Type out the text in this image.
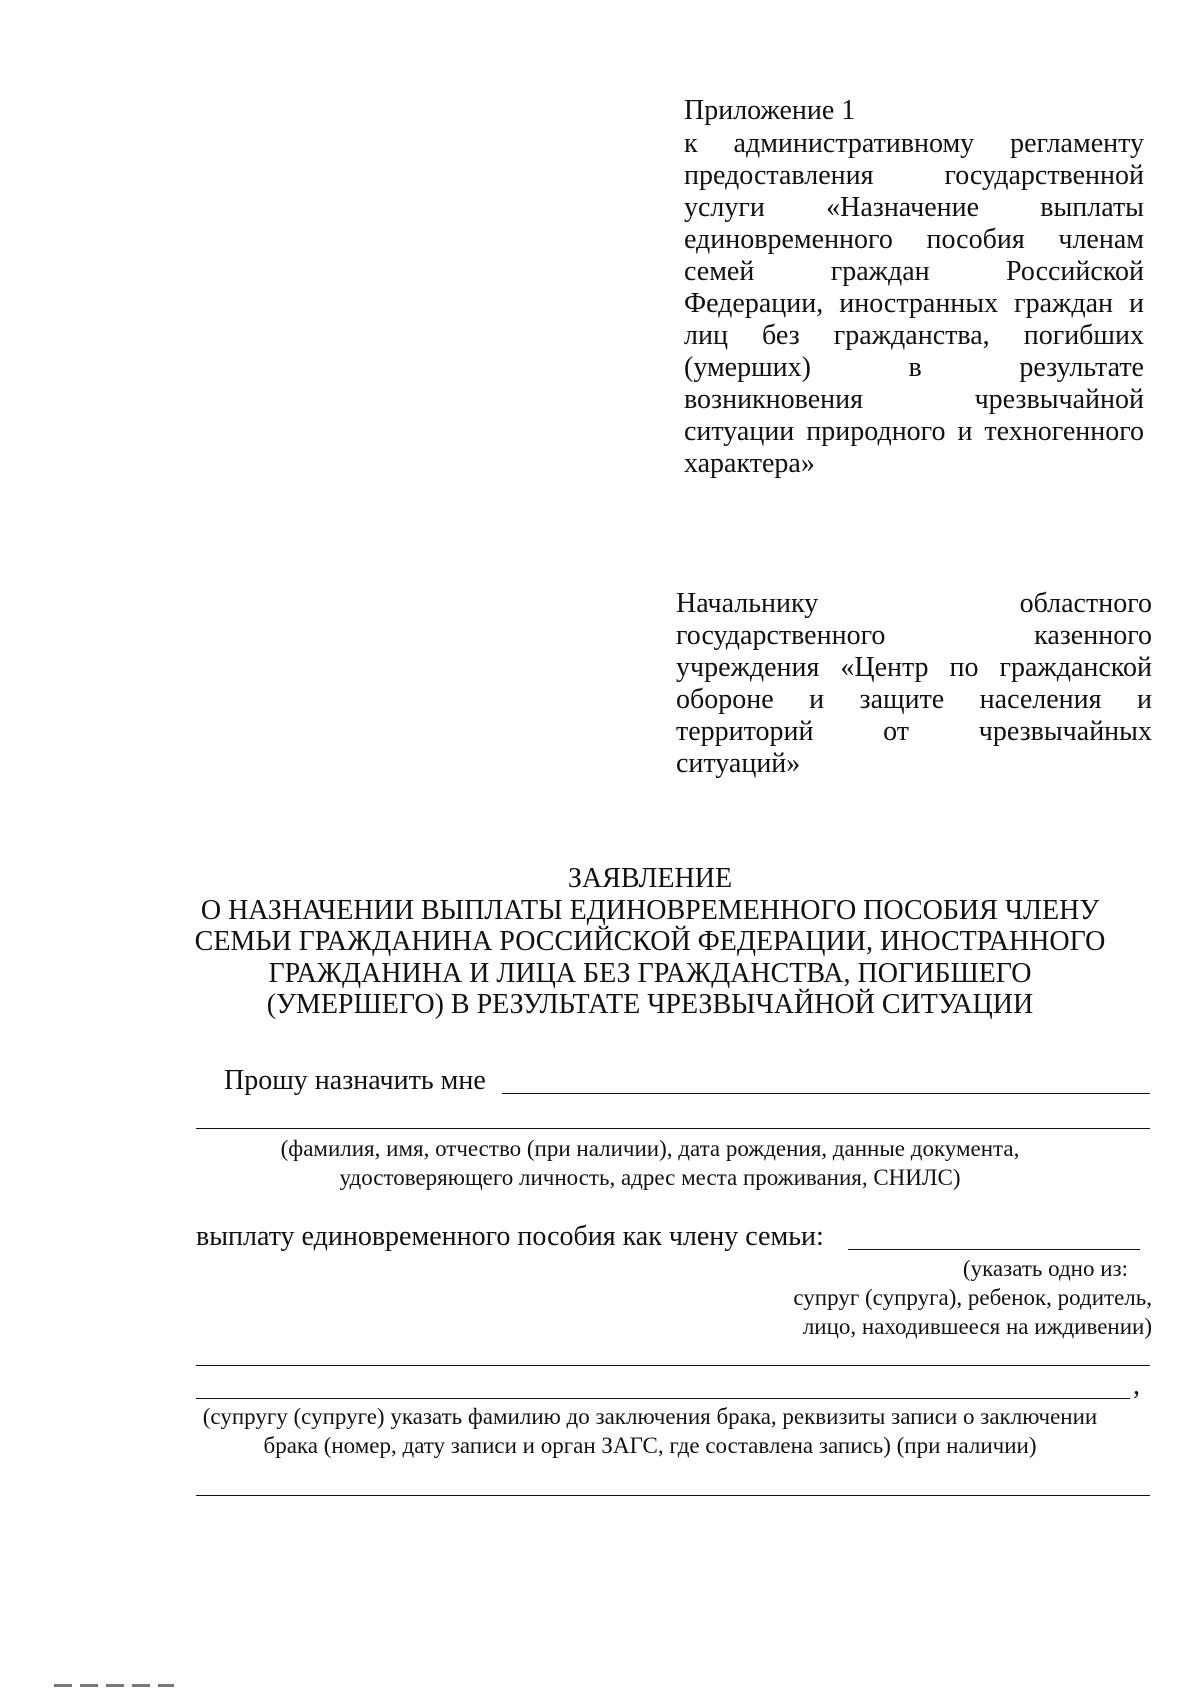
Приложение 1
к административному регламенту
предоставления	государственной
услуги «Назначение выплаты
единовременного пособия членам
семей	граждан	Российской
Федерации, иностранных граждан и
лиц без гражданства, погибших
(умерших)	в	результате
возникновения	чрезвычайной
ситуации природного и техногенного
характера»
Начальнику	областного
государственного	казенного
учреждения «Центр по гражданской
обороне и защите населения и
территорий от чрезвычайных
ситуаций»
ЗАЯВЛЕНИЕ
О НАЗНАЧЕНИИ ВЫПЛАТЫ ЕДИНОВРЕМЕННОГО ПОСОБИЯ ЧЛЕНУ
СЕМЬИ ГРАЖДАНИНА РОССИЙСКОЙ ФЕДЕРАЦИИ, ИНОСТРАННОГО
ГРАЖДАНИНА И ЛИЦА БЕЗ ГРАЖДАНСТВА, ПОГИБШЕГО
(УМЕРШЕГО) В РЕЗУЛЬТАТЕ ЧРЕЗВЫЧАЙНОЙ СИТУАЦИИ
Прошу назначить мне
(фамилия, имя, отчество (при наличии), дата рождения, данные документа,
удостоверяющего личность, адрес места проживания, СНИЛС)
выплату единовременного пособия как члену семьи:
(указать одно из:
супруг (супруга), ребенок, родитель,
лицо, находившееся на иждивении)
,
(супругу (супруге) указать фамилию до заключения брака, реквизиты записи о заключении
брака (номер, дату записи и орган ЗАГС, где составлена запись) (при наличии)
